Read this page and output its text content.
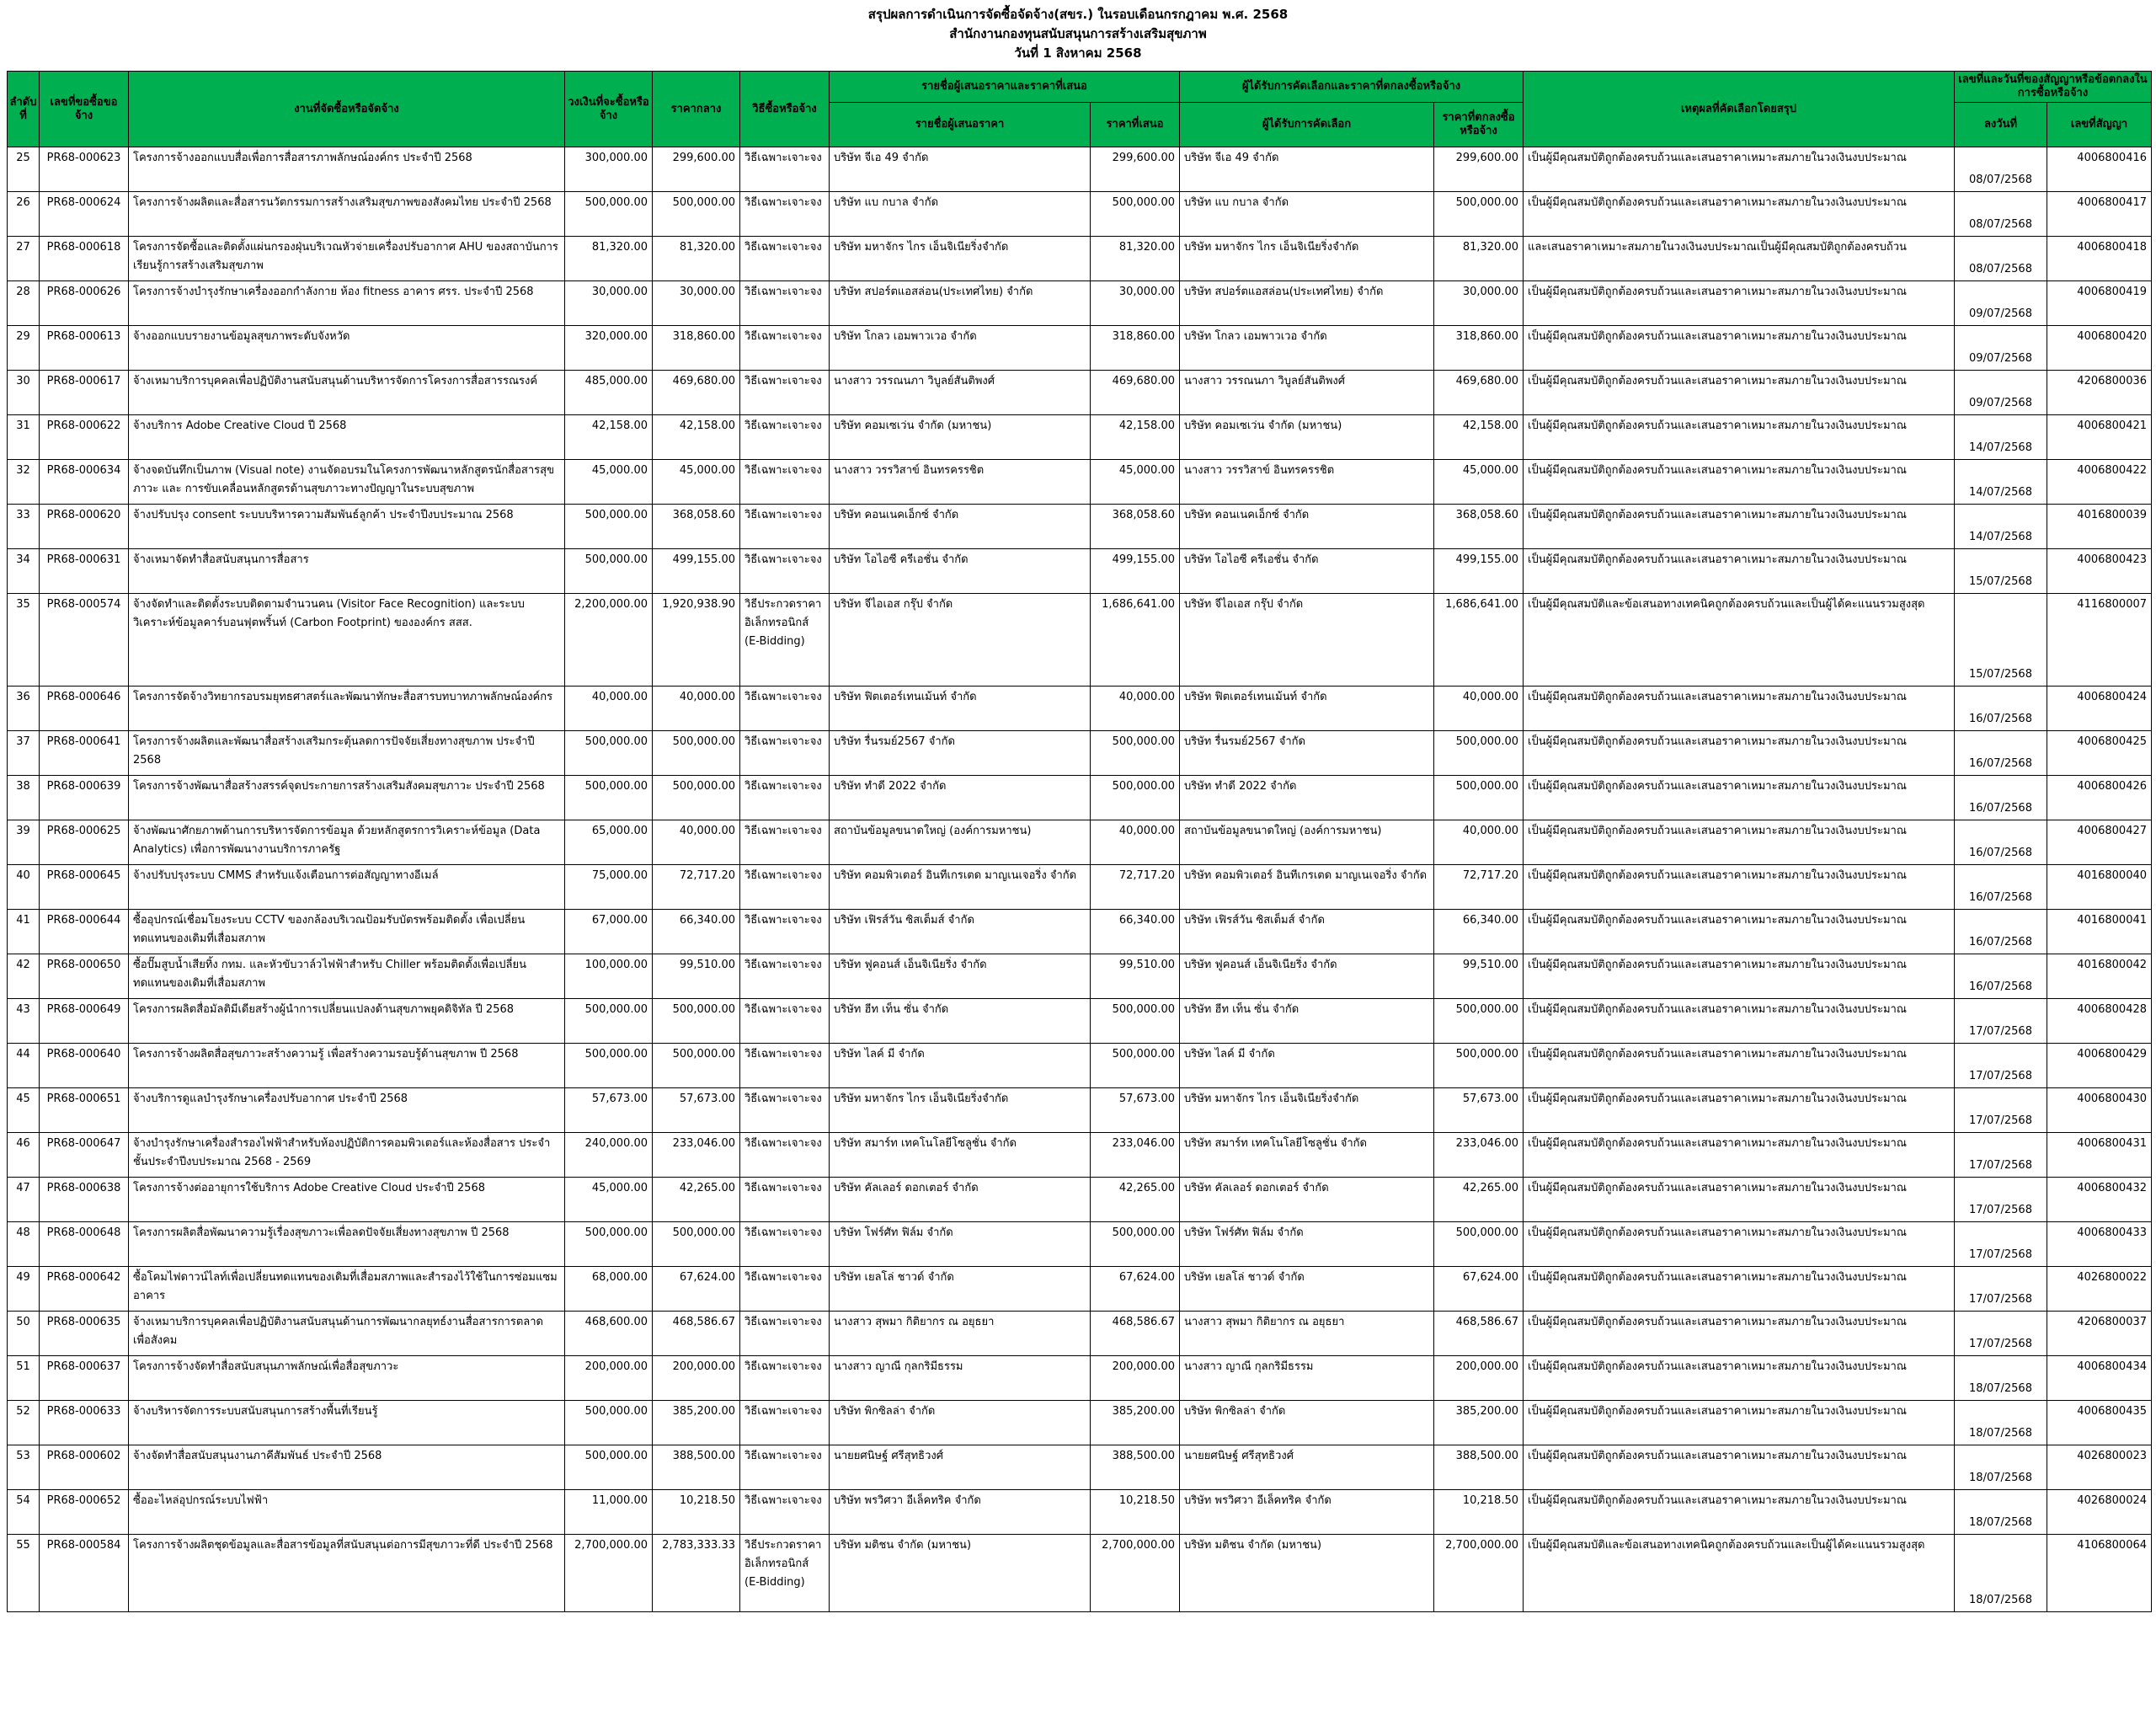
สรุปผลการดำเนินการจัดซื้อจัดจ้าง(สขร.) ในรอบเดือนกรกฎาคม พ.ศ. 2568
สำนักงานกองทุนสนับสนุนการสร้างเสริมสุขภาพ
วันที่ 1 สิงหาคม 2568
ลำดับที่	เลขที่ขอซื้อขอจ้าง	งานที่จัดซื้อหรือจัดจ้าง	วงเงินที่จะซื้อหรือจ้าง	ราคากลาง	วิธีซื้อหรือจ้าง	รายชื่อผู้เสนอราคาและราคาที่เสนอ		ผู้ได้รับการคัดเลือกและราคาที่ตกลงซื้อหรือจ้าง		เหตุผลที่คัดเลือกโดยสรุป	เลขที่และวันที่ของสัญญาหรือข้อตกลงในการซื้อหรือจ้าง	
						รายชื่อผู้เสนอราคา	ราคาที่เสนอ	ผู้ได้รับการคัดเลือก	ราคาที่ตกลงซื้อหรือจ้าง		ลงวันที่	เลขที่สัญญา
25	PR68-000623	โครงการจ้างออกแบบสื่อเพื่อการสื่อสารภาพลักษณ์องค์กร ประจำปี 2568	300,000.00	299,600.00	วิธีเฉพาะเจาะจง	บริษัท จีเอ 49 จำกัด	299,600.00	บริษัท จีเอ 49 จำกัด	299,600.00	เป็นผู้มีคุณสมบัติถูกต้องครบถ้วนและเสนอราคาเหมาะสมภายในวงเงินงบประมาณ	08/07/2568	4006800416
26	PR68-000624	โครงการจ้างผลิตและสื่อสารนวัตกรรมการสร้างเสริมสุขภาพของสังคมไทย ประจำปี 2568	500,000.00	500,000.00	วิธีเฉพาะเจาะจง	บริษัท แบ กบาล จำกัด	500,000.00	บริษัท แบ กบาล จำกัด	500,000.00	เป็นผู้มีคุณสมบัติถูกต้องครบถ้วนและเสนอราคาเหมาะสมภายในวงเงินงบประมาณ	08/07/2568	4006800417
27	PR68-000618	โครงการจัดซื้อและติดตั้งแผ่นกรองฝุ่นบริเวณหัวจ่ายเครื่องปรับอากาศ AHU ของสถาบันการเรียนรู้การสร้างเสริมสุขภาพ	81,320.00	81,320.00	วิธีเฉพาะเจาะจง	บริษัท มหาจักร ไกร เอ็นจิเนียริ่งจำกัด	81,320.00	บริษัท มหาจักร ไกร เอ็นจิเนียริ่งจำกัด	81,320.00	และเสนอราคาเหมาะสมภายในวงเงินงบประมาณเป็นผู้มีคุณสมบัติถูกต้องครบถ้วน	08/07/2568	4006800418
28	PR68-000626	โครงการจ้างบำรุงรักษาเครื่องออกกำลังกาย ห้อง fitness อาคาร ศรร. ประจำปี 2568	30,000.00	30,000.00	วิธีเฉพาะเจาะจง	บริษัท สปอร์ตแอสล่อน(ประเทศไทย) จำกัด	30,000.00	บริษัท สปอร์ตแอสล่อน(ประเทศไทย) จำกัด	30,000.00	เป็นผู้มีคุณสมบัติถูกต้องครบถ้วนและเสนอราคาเหมาะสมภายในวงเงินงบประมาณ	09/07/2568	4006800419
29	PR68-000613	จ้างออกแบบรายงานข้อมูลสุขภาพระดับจังหวัด	320,000.00	318,860.00	วิธีเฉพาะเจาะจง	บริษัท โกลว เอมพาวเวอ จำกัด	318,860.00	บริษัท โกลว เอมพาวเวอ จำกัด	318,860.00	เป็นผู้มีคุณสมบัติถูกต้องครบถ้วนและเสนอราคาเหมาะสมภายในวงเงินงบประมาณ	09/07/2568	4006800420
30	PR68-000617	จ้างเหมาบริการบุคคลเพื่อปฏิบัติงานสนับสนุนด้านบริหารจัดการโครงการสื่อสารรณรงค์	485,000.00	469,680.00	วิธีเฉพาะเจาะจง	นางสาว วรรณนภา วิบูลย์สันติพงศ์	469,680.00	นางสาว วรรณนภา วิบูลย์สันติพงศ์	469,680.00	เป็นผู้มีคุณสมบัติถูกต้องครบถ้วนและเสนอราคาเหมาะสมภายในวงเงินงบประมาณ	09/07/2568	4206800036
31	PR68-000622	จ้างบริการ Adobe Creative Cloud ปี 2568	42,158.00	42,158.00	วิธีเฉพาะเจาะจง	บริษัท คอมเซเว่น จำกัด (มหาชน)	42,158.00	บริษัท คอมเซเว่น จำกัด (มหาชน)	42,158.00	เป็นผู้มีคุณสมบัติถูกต้องครบถ้วนและเสนอราคาเหมาะสมภายในวงเงินงบประมาณ	14/07/2568	4006800421
32	PR68-000634	จ้างจดบันทึกเป็นภาพ (Visual note) งานจัดอบรมในโครงการพัฒนาหลักสูตรนักสื่อสารสุขภาวะ และ การขับเคลื่อนหลักสูตรด้านสุขภาวะทางปัญญาในระบบสุขภาพ	45,000.00	45,000.00	วิธีเฉพาะเจาะจง	นางสาว วรรวิสาข์ อินทรครรชิต	45,000.00	นางสาว วรรวิสาข์ อินทรครรชิต	45,000.00	เป็นผู้มีคุณสมบัติถูกต้องครบถ้วนและเสนอราคาเหมาะสมภายในวงเงินงบประมาณ	14/07/2568	4006800422
33	PR68-000620	จ้างปรับปรุง consent ระบบบริหารความสัมพันธ์ลูกค้า ประจำปีงบประมาณ 2568	500,000.00	368,058.60	วิธีเฉพาะเจาะจง	บริษัท คอนเนคเอ็กซ์ จำกัด	368,058.60	บริษัท คอนเนคเอ็กซ์ จำกัด	368,058.60	เป็นผู้มีคุณสมบัติถูกต้องครบถ้วนและเสนอราคาเหมาะสมภายในวงเงินงบประมาณ	14/07/2568	4016800039
34	PR68-000631	จ้างเหมาจัดทำสื่อสนับสนุนการสื่อสาร	500,000.00	499,155.00	วิธีเฉพาะเจาะจง	บริษัท โอไอซี ครีเอชั่น จำกัด	499,155.00	บริษัท โอไอซี ครีเอชั่น จำกัด	499,155.00	เป็นผู้มีคุณสมบัติถูกต้องครบถ้วนและเสนอราคาเหมาะสมภายในวงเงินงบประมาณ	15/07/2568	4006800423
35	PR68-000574	จ้างจัดทำและติดตั้งระบบติดตามจำนวนคน (Visitor Face Recognition) และระบบวิเคราะห์ข้อมูลคาร์บอนฟุตพริ้นท์ (Carbon Footprint) ขององค์กร สสส.	2,200,000.00	1,920,938.90	วิธีประกวดราคาอิเล็กทรอนิกส์ (E-Bidding)	บริษัท จีไอเอส กรุ๊ป จำกัด	1,686,641.00	บริษัท จีไอเอส กรุ๊ป จำกัด	1,686,641.00	เป็นผู้มีคุณสมบัติและข้อเสนอทางเทคนิคถูกต้องครบถ้วนและเป็นผู้ได้คะแนนรวมสูงสุด	15/07/2568	4116800007
36	PR68-000646	โครงการจัดจ้างวิทยากรอบรมยุทธศาสตร์และพัฒนาทักษะสื่อสารบทบาทภาพลักษณ์องค์กร	40,000.00	40,000.00	วิธีเฉพาะเจาะจง	บริษัท ฟิตเตอร์เทนเม้นท์ จำกัด	40,000.00	บริษัท ฟิตเตอร์เทนเม้นท์ จำกัด	40,000.00	เป็นผู้มีคุณสมบัติถูกต้องครบถ้วนและเสนอราคาเหมาะสมภายในวงเงินงบประมาณ	16/07/2568	4006800424
37	PR68-000641	โครงการจ้างผลิตและพัฒนาสื่อสร้างเสริมกระตุ้นลดการปัจจัยเสี่ยงทางสุขภาพ ประจำปี 2568	500,000.00	500,000.00	วิธีเฉพาะเจาะจง	บริษัท รื่นรมย์2567 จำกัด	500,000.00	บริษัท รื่นรมย์2567 จำกัด	500,000.00	เป็นผู้มีคุณสมบัติถูกต้องครบถ้วนและเสนอราคาเหมาะสมภายในวงเงินงบประมาณ	16/07/2568	4006800425
38	PR68-000639	โครงการจ้างพัฒนาสื่อสร้างสรรค์จุดประกายการสร้างเสริมสังคมสุขภาวะ ประจำปี 2568	500,000.00	500,000.00	วิธีเฉพาะเจาะจง	บริษัท ทำดี 2022 จำกัด	500,000.00	บริษัท ทำดี 2022 จำกัด	500,000.00	เป็นผู้มีคุณสมบัติถูกต้องครบถ้วนและเสนอราคาเหมาะสมภายในวงเงินงบประมาณ	16/07/2568	4006800426
39	PR68-000625	จ้างพัฒนาศักยภาพด้านการบริหารจัดการข้อมูล ด้วยหลักสูตรการวิเคราะห์ข้อมูล (Data Analytics) เพื่อการพัฒนางานบริการภาครัฐ	65,000.00	40,000.00	วิธีเฉพาะเจาะจง	สถาบันข้อมูลขนาดใหญ่ (องค์การมหาชน)	40,000.00	สถาบันข้อมูลขนาดใหญ่ (องค์การมหาชน)	40,000.00	เป็นผู้มีคุณสมบัติถูกต้องครบถ้วนและเสนอราคาเหมาะสมภายในวงเงินงบประมาณ	16/07/2568	4006800427
40	PR68-000645	จ้างปรับปรุงระบบ CMMS สำหรับแจ้งเตือนการต่อสัญญาทางอีเมล์	75,000.00	72,717.20	วิธีเฉพาะเจาะจง	บริษัท คอมพิวเตอร์ อินทีเกรเตด มาญเนเจอริ่ง จำกัด	72,717.20	บริษัท คอมพิวเตอร์ อินทีเกรเตด มาญเนเจอริ่ง จำกัด	72,717.20	เป็นผู้มีคุณสมบัติถูกต้องครบถ้วนและเสนอราคาเหมาะสมภายในวงเงินงบประมาณ	16/07/2568	4016800040
41	PR68-000644	ซื้ออุปกรณ์เชื่อมโยงระบบ CCTV ของกล้องบริเวณป้อมรับบัตรพร้อมติดตั้ง เพื่อเปลี่ยนทดแทนของเดิมที่เสื่อมสภาพ	67,000.00	66,340.00	วิธีเฉพาะเจาะจง	บริษัท เฟิรส์วัน ซิสเต็มส์ จำกัด	66,340.00	บริษัท เฟิรส์วัน ซิสเต็มส์ จำกัด	66,340.00	เป็นผู้มีคุณสมบัติถูกต้องครบถ้วนและเสนอราคาเหมาะสมภายในวงเงินงบประมาณ	16/07/2568	4016800041
42	PR68-000650	ซื้อปั๊มสูบน้ำเสียทิ้ง กทม. และหัวขับวาล์วไฟฟ้าสำหรับ Chiller พร้อมติดตั้งเพื่อเปลี่ยนทดแทนของเดิมที่เสื่อมสภาพ	100,000.00	99,510.00	วิธีเฉพาะเจาะจง	บริษัท ฟูคอนส์ เอ็นจิเนียริ่ง จำกัด	99,510.00	บริษัท ฟูคอนส์ เอ็นจิเนียริ่ง จำกัด	99,510.00	เป็นผู้มีคุณสมบัติถูกต้องครบถ้วนและเสนอราคาเหมาะสมภายในวงเงินงบประมาณ	16/07/2568	4016800042
43	PR68-000649	โครงการผลิตสื่อมัลติมีเดียสร้างผู้นำการเปลี่ยนแปลงด้านสุขภาพยุคดิจิทัล ปี 2568	500,000.00	500,000.00	วิธีเฉพาะเจาะจง	บริษัท ฮีท เท็น ซั่น จำกัด	500,000.00	บริษัท ฮีท เท็น ซั่น จำกัด	500,000.00	เป็นผู้มีคุณสมบัติถูกต้องครบถ้วนและเสนอราคาเหมาะสมภายในวงเงินงบประมาณ	17/07/2568	4006800428
44	PR68-000640	โครงการจ้างผลิตสื่อสุขภาวะสร้างความรู้ เพื่อสร้างความรอบรู้ด้านสุขภาพ ปี 2568	500,000.00	500,000.00	วิธีเฉพาะเจาะจง	บริษัท ไลค์ มี จำกัด	500,000.00	บริษัท ไลค์ มี จำกัด	500,000.00	เป็นผู้มีคุณสมบัติถูกต้องครบถ้วนและเสนอราคาเหมาะสมภายในวงเงินงบประมาณ	17/07/2568	4006800429
45	PR68-000651	จ้างบริการดูแลบำรุงรักษาเครื่องปรับอากาศ ประจำปี 2568	57,673.00	57,673.00	วิธีเฉพาะเจาะจง	บริษัท มหาจักร ไกร เอ็นจิเนียริ่งจำกัด	57,673.00	บริษัท มหาจักร ไกร เอ็นจิเนียริ่งจำกัด	57,673.00	เป็นผู้มีคุณสมบัติถูกต้องครบถ้วนและเสนอราคาเหมาะสมภายในวงเงินงบประมาณ	17/07/2568	4006800430
46	PR68-000647	จ้างบำรุงรักษาเครื่องสำรองไฟฟ้าสำหรับห้องปฏิบัติการคอมพิวเตอร์และห้องสื่อสาร ประจำชั้นประจำปีงบประมาณ 2568 - 2569	240,000.00	233,046.00	วิธีเฉพาะเจาะจง	บริษัท สมาร์ท เทคโนโลยีโซลูชั่น จำกัด	233,046.00	บริษัท สมาร์ท เทคโนโลยีโซลูชั่น จำกัด	233,046.00	เป็นผู้มีคุณสมบัติถูกต้องครบถ้วนและเสนอราคาเหมาะสมภายในวงเงินงบประมาณ	17/07/2568	4006800431
47	PR68-000638	โครงการจ้างต่ออายุการใช้บริการ Adobe Creative Cloud ประจำปี 2568	45,000.00	42,265.00	วิธีเฉพาะเจาะจง	บริษัท คัลเลอร์ ดอกเตอร์ จำกัด	42,265.00	บริษัท คัลเลอร์ ดอกเตอร์ จำกัด	42,265.00	เป็นผู้มีคุณสมบัติถูกต้องครบถ้วนและเสนอราคาเหมาะสมภายในวงเงินงบประมาณ	17/07/2568	4006800432
48	PR68-000648	โครงการผลิตสื่อพัฒนาความรู้เรื่องสุขภาวะเพื่อลดปัจจัยเสี่ยงทางสุขภาพ ปี 2568	500,000.00	500,000.00	วิธีเฉพาะเจาะจง	บริษัท โฟร์ศัท ฟิล์ม จำกัด	500,000.00	บริษัท โฟร์ศัท ฟิล์ม จำกัด	500,000.00	เป็นผู้มีคุณสมบัติถูกต้องครบถ้วนและเสนอราคาเหมาะสมภายในวงเงินงบประมาณ	17/07/2568	4006800433
49	PR68-000642	ซื้อโคมไฟดาวน์ไลท์เพื่อเปลี่ยนทดแทนของเดิมที่เสื่อมสภาพและสำรองไว้ใช้ในการซ่อมแซมอาคาร	68,000.00	67,624.00	วิธีเฉพาะเจาะจง	บริษัท เยลโล่ ชาวด์ จำกัด	67,624.00	บริษัท เยลโล่ ชาวด์ จำกัด	67,624.00	เป็นผู้มีคุณสมบัติถูกต้องครบถ้วนและเสนอราคาเหมาะสมภายในวงเงินงบประมาณ	17/07/2568	4026800022
50	PR68-000635	จ้างเหมาบริการบุคคลเพื่อปฏิบัติงานสนับสนุนด้านการพัฒนากลยุทธ์งานสื่อสารการตลาดเพื่อสังคม	468,600.00	468,586.67	วิธีเฉพาะเจาะจง	นางสาว สุพมา กิติยากร ณ อยุธยา	468,586.67	นางสาว สุพมา กิติยากร ณ อยุธยา	468,586.67	เป็นผู้มีคุณสมบัติถูกต้องครบถ้วนและเสนอราคาเหมาะสมภายในวงเงินงบประมาณ	17/07/2568	4206800037
51	PR68-000637	โครงการจ้างจัดทำสื่อสนับสนุนภาพลักษณ์เพื่อสื่อสุขภาวะ	200,000.00	200,000.00	วิธีเฉพาะเจาะจง	นางสาว ญาณี กุลกริมีธรรม	200,000.00	นางสาว ญาณี กุลกริมีธรรม	200,000.00	เป็นผู้มีคุณสมบัติถูกต้องครบถ้วนและเสนอราคาเหมาะสมภายในวงเงินงบประมาณ	18/07/2568	4006800434
52	PR68-000633	จ้างบริหารจัดการระบบสนับสนุนการสร้างพื้นที่เรียนรู้	500,000.00	385,200.00	วิธีเฉพาะเจาะจง	บริษัท พิกซิลล่า จำกัด	385,200.00	บริษัท พิกซิลล่า จำกัด	385,200.00	เป็นผู้มีคุณสมบัติถูกต้องครบถ้วนและเสนอราคาเหมาะสมภายในวงเงินงบประมาณ	18/07/2568	4006800435
53	PR68-000602	จ้างจัดทำสื่อสนับสนุนงานภาคีสัมพันธ์ ประจำปี 2568	500,000.00	388,500.00	วิธีเฉพาะเจาะจง	นายยศนิษฐ์ ศรีสุทธิวงศ์	388,500.00	นายยศนิษฐ์ ศรีสุทธิวงศ์	388,500.00	เป็นผู้มีคุณสมบัติถูกต้องครบถ้วนและเสนอราคาเหมาะสมภายในวงเงินงบประมาณ	18/07/2568	4026800023
54	PR68-000652	ซื้ออะไหล่อุปกรณ์ระบบไฟฟ้า	11,000.00	10,218.50	วิธีเฉพาะเจาะจง	บริษัท พรวิศวา อีเล็คทริค จำกัด	10,218.50	บริษัท พรวิศวา อีเล็คทริค จำกัด	10,218.50	เป็นผู้มีคุณสมบัติถูกต้องครบถ้วนและเสนอราคาเหมาะสมภายในวงเงินงบประมาณ	18/07/2568	4026800024
55	PR68-000584	โครงการจ้างผลิตชุดข้อมูลและสื่อสารข้อมูลที่สนับสนุนต่อการมีสุขภาวะที่ดี ประจำปี 2568	2,700,000.00	2,783,333.33	วิธีประกวดราคาอิเล็กทรอนิกส์ (E-Bidding)	บริษัท มติชน จำกัด (มหาชน)	2,700,000.00	บริษัท มติชน จำกัด (มหาชน)	2,700,000.00	เป็นผู้มีคุณสมบัติและข้อเสนอทางเทคนิคถูกต้องครบถ้วนและเป็นผู้ได้คะแนนรวมสูงสุด	18/07/2568	4106800064
